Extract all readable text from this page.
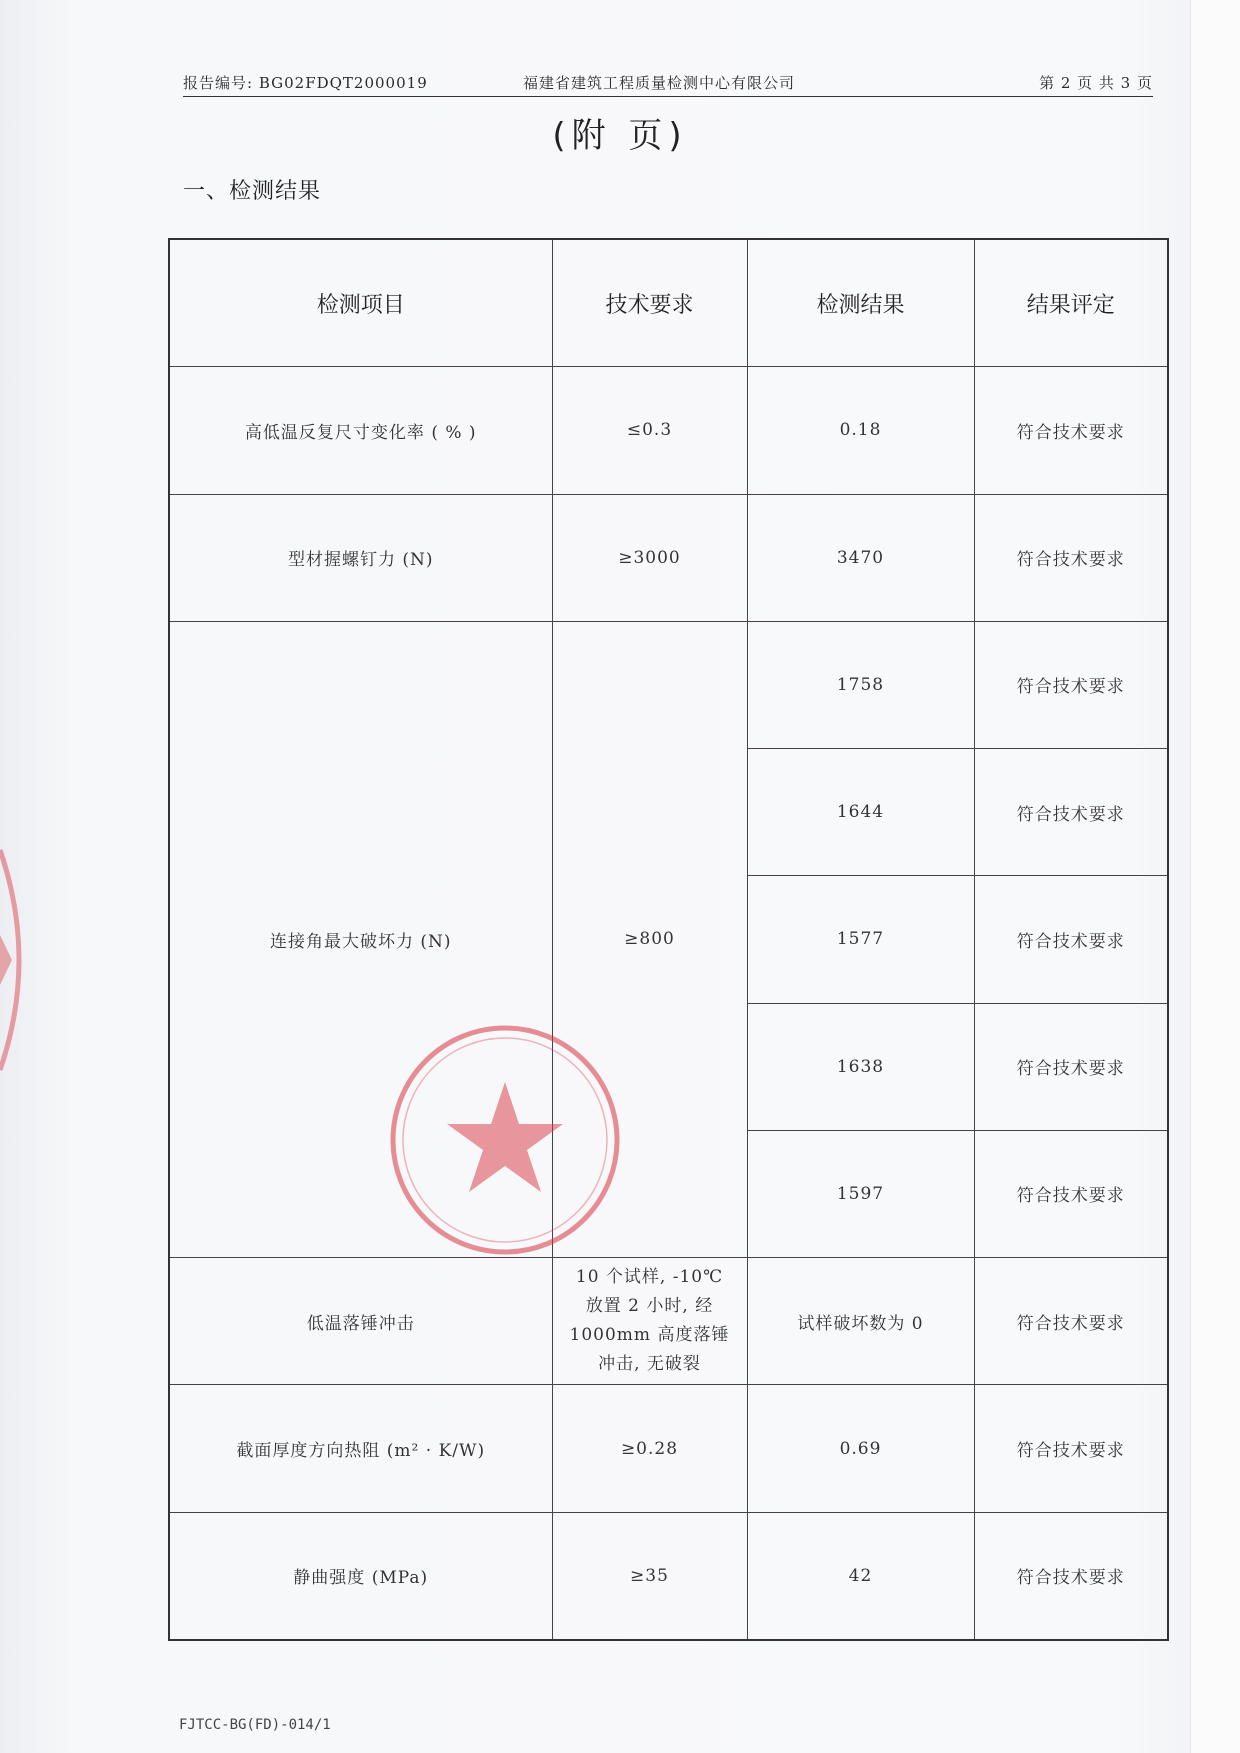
报告编号: BG02FDQT2000019	福建省建筑工程质量检测中心有限公司	第 2 页 共 3 页
(附 页)
一、检测结果
检测项目	技术要求	检测结果	结果评定
高低温反复尺寸变化率 ( % )	≤0.3	0.18	符合技术要求
型材握螺钉力 (N)	≥3000	3470	符合技术要求
连接角最大破坏力 (N)	≥800	1758	符合技术要求
		1644	符合技术要求
		1577	符合技术要求
		1638	符合技术要求
		1597	符合技术要求
低温落锤冲击	10 个试样, -10℃
放置 2 小时, 经
1000mm 高度落锤
冲击, 无破裂	试样破坏数为 0	符合技术要求
截面厚度方向热阻 (m² · K/W)	≥0.28	0.69	符合技术要求
静曲强度 (MPa)	≥35	42	符合技术要求
FJTCC-BG(FD)-014/1
